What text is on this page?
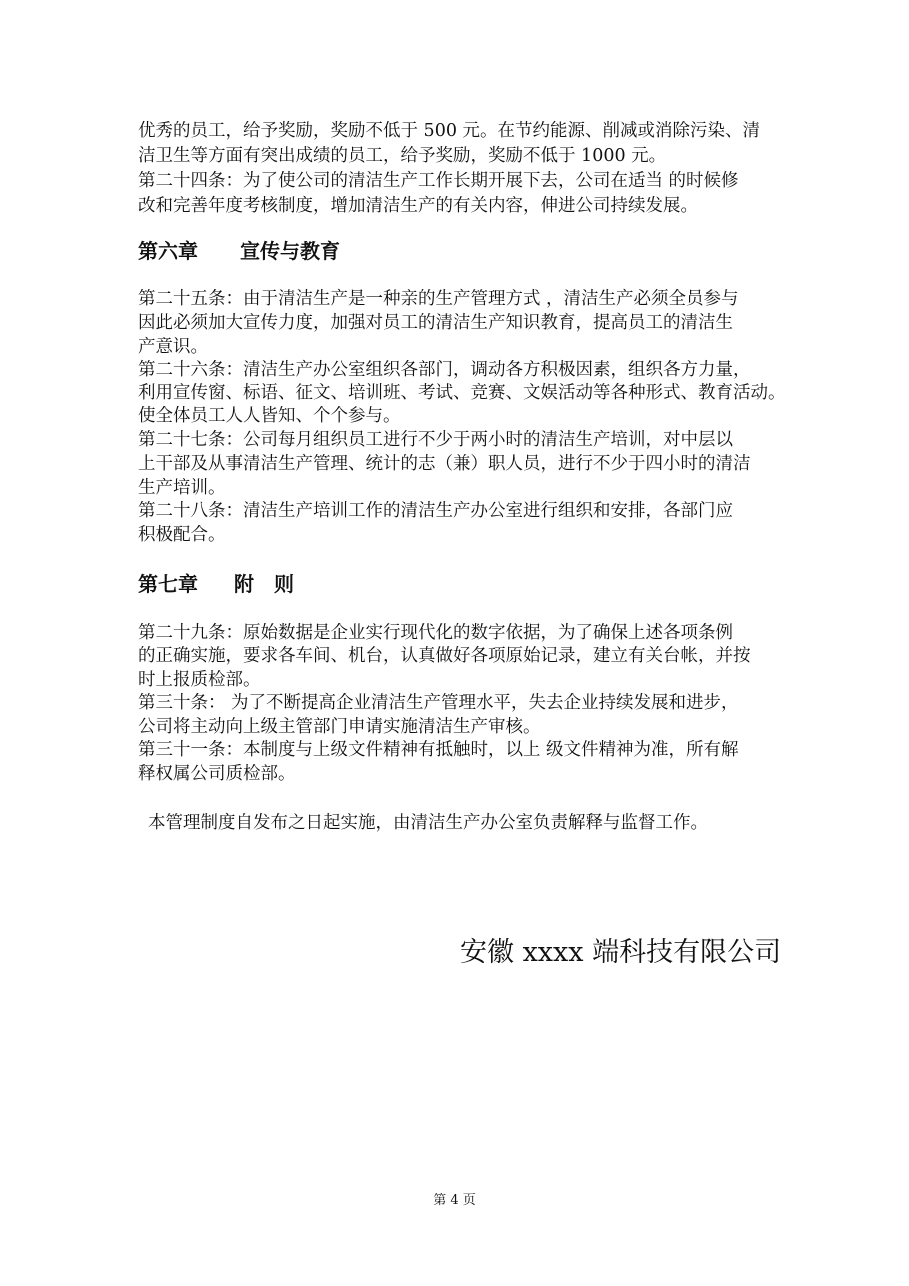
优秀的员工，给予奖励，奖励不低于 500 元。在节约能源、削减或消除污染、清

洁卫生等方面有突出成绩的员工，给予奖励，奖励不低于 1000 元。

第二十四条：为了使公司的清洁生产工作长期开展下去，公司在适当 的时候修

改和完善年度考核制度，增加清洁生产的有关内容，伸进公司持续发展。

第六章 宣传与教育

第二十五条：由于清洁生产是一种亲的生产管理方式 ，清洁生产必须全员参与

因此必须加大宣传力度，加强对员工的清洁生产知识教育，提高员工的清洁生

产意识。

第二十六条：清洁生产办公室组织各部门，调动各方积极因素，组织各方力量，

利用宣传窗、标语、征文、培训班、考试、竞赛、文娱活动等各种形式、教育活动。

使全体员工人人皆知、个个参与。

第二十七条：公司每月组织员工进行不少于两小时的清洁生产培训，对中层以

上干部及从事清洁生产管理、统计的志（兼）职人员，进行不少于四小时的清洁

生产培训。

第二十八条：清洁生产培训工作的清洁生产办公室进行组织和安排，各部门应

积极配合。

第七章 附　则

第二十九条：原始数据是企业实行现代化的数字依据，为了确保上述各项条例

的正确实施，要求各车间、机台，认真做好各项原始记录，建立有关台帐，并按

时上报质检部。

第三十条： 为了不断提高企业清洁生产管理水平，失去企业持续发展和进步，

公司将主动向上级主管部门申请实施清洁生产审核。

第三十一条：本制度与上级文件精神有抵触时，以上 级文件精神为准，所有解

释权属公司质检部。

本管理制度自发布之日起实施，由清洁生产办公室负责解释与监督工作。

安徽 xxxx 端科技有限公司

第 4 页
